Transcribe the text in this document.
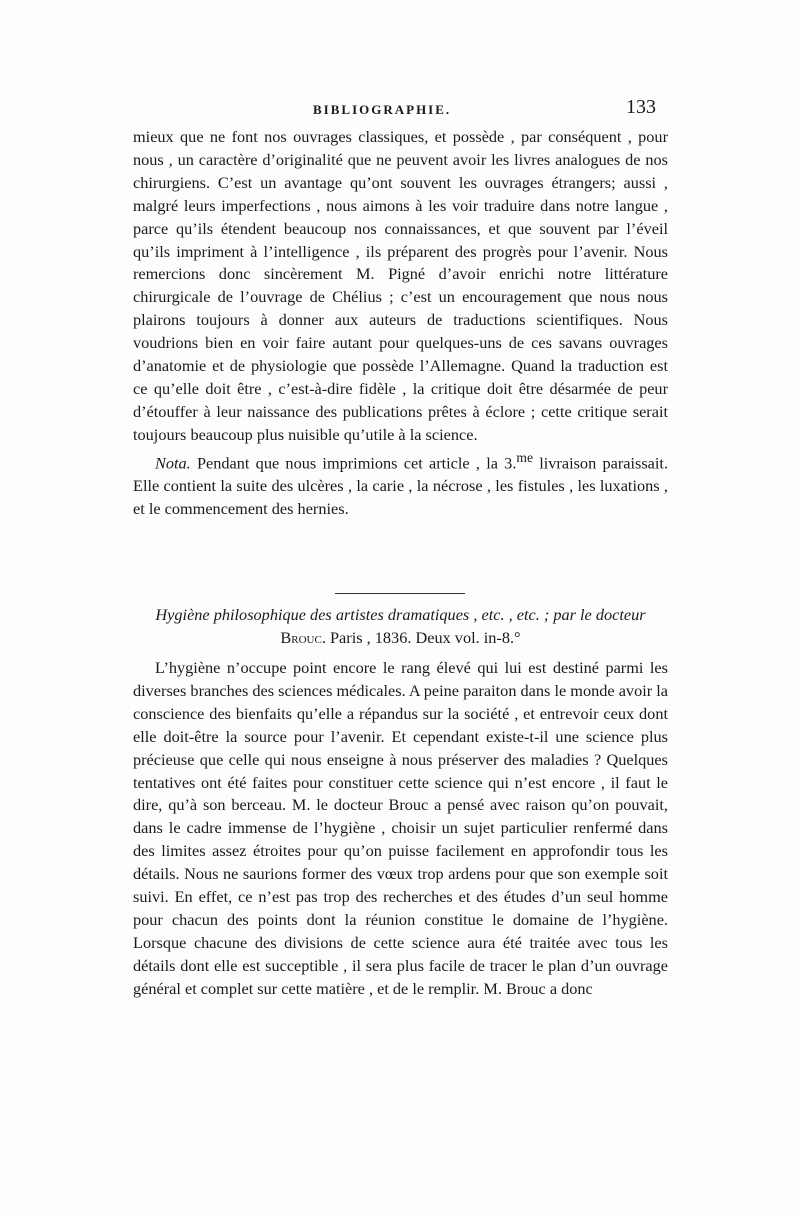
BIBLIOGRAPHIE.	133

mieux que ne font nos ouvrages classiques, et possède , par conséquent , pour nous , un caractère d’originalité que ne peuvent avoir les livres analogues de nos chirurgiens. C’est un avantage qu’ont souvent les ouvrages étrangers; aussi , malgré leurs imperfections , nous aimons à les voir traduire dans notre langue , parce qu’ils étendent beaucoup nos connaissances, et que souvent par l’éveil qu’ils impriment à l’intelligence , ils préparent des progrès pour l’avenir. Nous remercions donc sincèrement M. Pigné d’avoir enrichi notre littérature chirurgicale de l’ouvrage de Chélius ; c’est un encouragement que nous nous plairons toujours à donner aux auteurs de traductions scientifiques. Nous voudrions bien en voir faire autant pour quelques-uns de ces savans ouvrages d’anatomie et de physiologie que possède l’Allemagne. Quand la traduction est ce qu’elle doit être , c’est-à-dire fidèle , la critique doit être désarmée de peur d’étouffer à leur naissance des publications prêtes à éclore ; cette critique serait toujours beaucoup plus nuisible qu’utile à la science.

Nota. Pendant que nous imprimions cet article , la 3.$^{me}$ livraison paraissait. Elle contient la suite des ulcères , la carie , la nécrose , les fistules , les luxations , et le commencement des hernies.

Hygiène philosophique des artistes dramatiques , etc. , etc. ; par le docteur Brouc. Paris , 1836. Deux vol. in-8.°

L’hygiène n’occupe point encore le rang élevé qui lui est destiné parmi les diverses branches des sciences médicales. A peine paraiton dans le monde avoir la conscience des bienfaits qu’elle a répandus sur la société , et entrevoir ceux dont elle doit-être la source pour l’avenir. Et cependant existe-t-il une science plus précieuse que celle qui nous enseigne à nous préserver des maladies ? Quelques tentatives ont été faites pour constituer cette science qui n’est encore , il faut le dire, qu’à son berceau. M. le docteur Brouc a pensé avec raison qu’on pouvait, dans le cadre immense de l’hygiène , choisir un sujet particulier renfermé dans des limites assez étroites pour qu’on puisse facilement en approfondir tous les détails. Nous ne saurions former des vœux trop ardens pour que son exemple soit suivi. En effet, ce n’est pas trop des recherches et des études d’un seul homme pour chacun des points dont la réunion constitue le domaine de l’hygiène. Lorsque chacune des divisions de cette science aura été traitée avec tous les détails dont elle est succeptible , il sera plus facile de tracer le plan d’un ouvrage général et complet sur cette matière , et de le remplir. M. Brouc a donc
